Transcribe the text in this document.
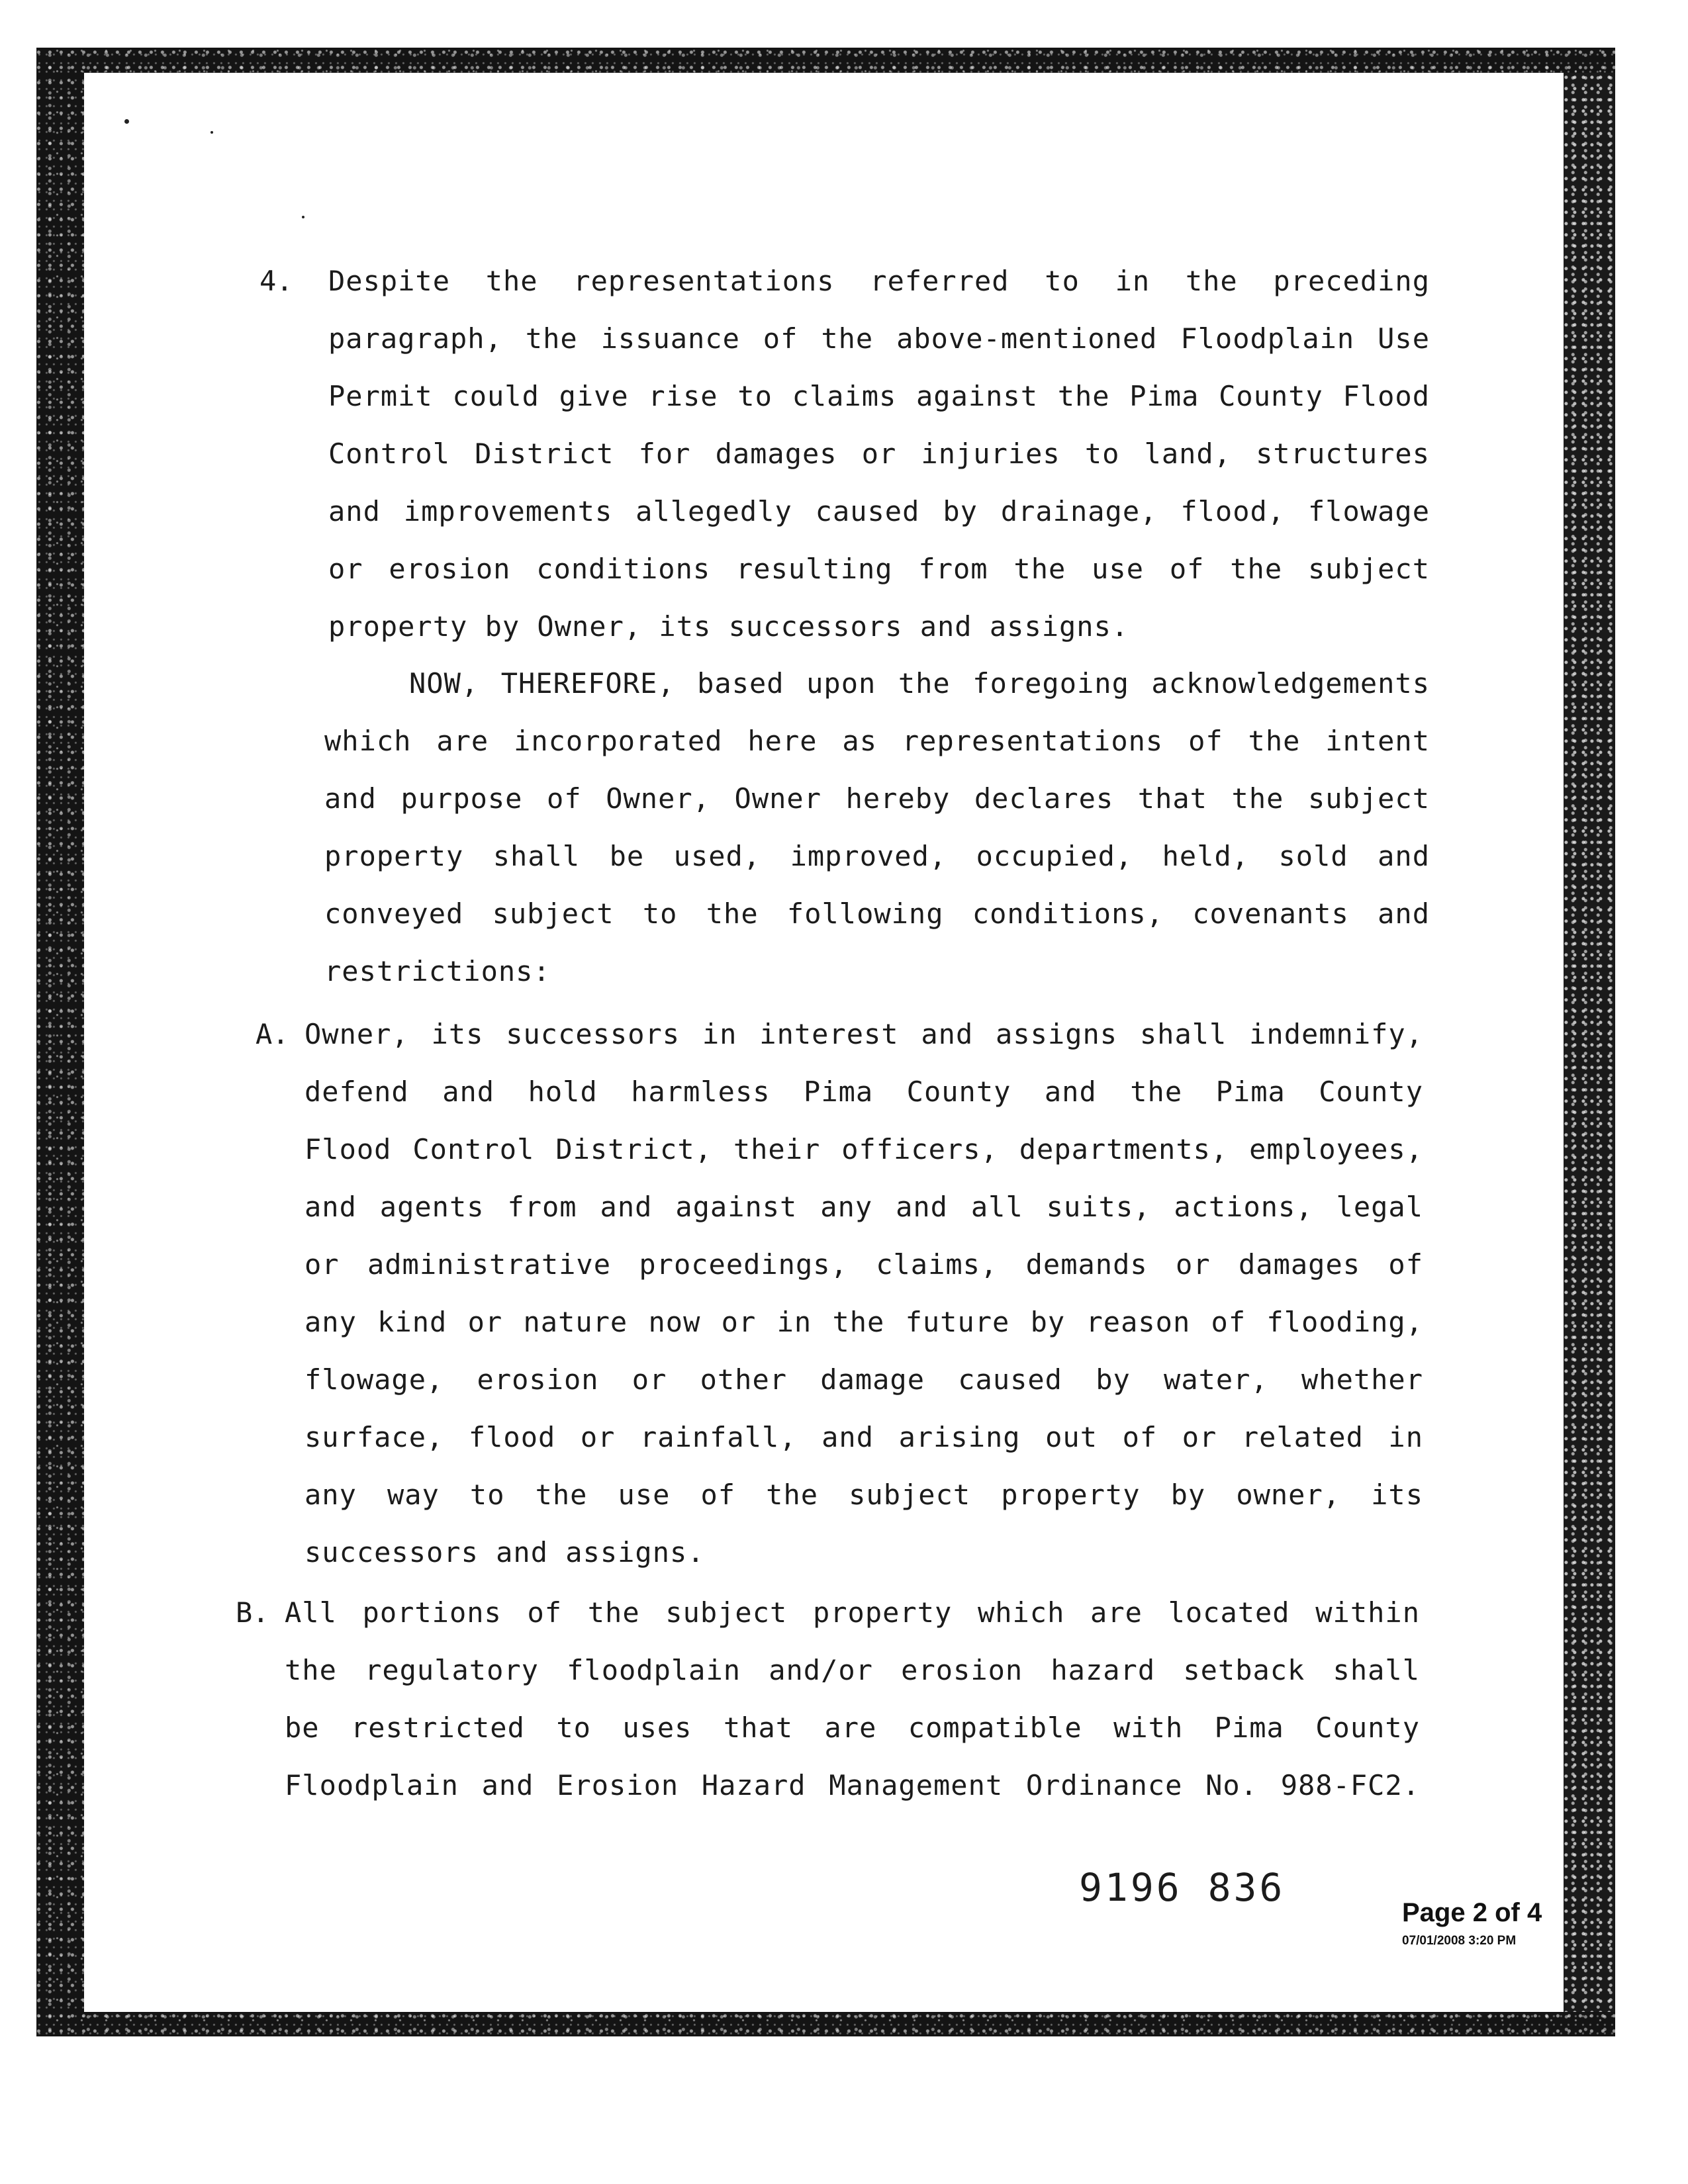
4. Despite the representations referred to in the preceding
paragraph, the issuance of the above-mentioned Floodplain Use
Permit could give rise to claims against the Pima County Flood
Control District for damages or injuries to land, structures
and improvements allegedly caused by drainage, flood, flowage
or erosion conditions resulting from the use of the subject
property by Owner, its successors and assigns.
NOW, THEREFORE, based upon the foregoing acknowledgements
which are incorporated here as representations of the intent
and purpose of Owner, Owner hereby declares that the subject
property shall be used, improved, occupied, held, sold and
conveyed subject to the following conditions, covenants and
restrictions:
A. Owner, its successors in interest and assigns shall indemnify,
defend and hold harmless Pima County and the Pima County
Flood Control District, their officers, departments, employees,
and agents from and against any and all suits, actions, legal
or administrative proceedings, claims, demands or damages of
any kind or nature now or in the future by reason of flooding,
flowage, erosion or other damage caused by water, whether
surface, flood or rainfall, and arising out of or related in
any way to the use of the subject property by owner, its
successors and assigns.
B. All portions of the subject property which are located within
the regulatory floodplain and/or erosion hazard setback shall
be restricted to uses that are compatible with Pima County
Floodplain and Erosion Hazard Management Ordinance No. 988-FC2.
9196 836
Page 2 of 4
07/01/2008 3:20 PM
